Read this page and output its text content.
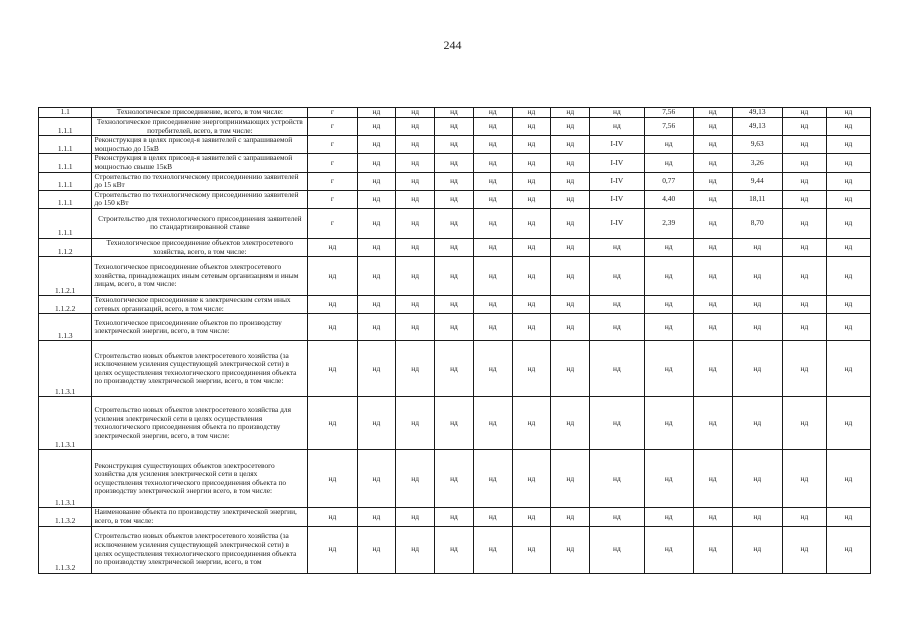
244
1.1	Технологическое присоединение, всего, в том числе:	г	нд	нд	нд	нд	нд	нд	нд	7,56	нд	49,13	нд	нд
1.1.1	Технологическое присоединение энергопринимающих устройств потребителей, всего, в том числе:	г	нд	нд	нд	нд	нд	нд	нд	7,56	нд	49,13	нд	нд
1.1.1	Реконструкция в целях присоед-я заявителей с запрашиваемой мощностью до 15кВ	г	нд	нд	нд	нд	нд	нд	I-IV	нд	нд	9,63	нд	нд
1.1.1	Реконструкция в целях присоед-я заявителей с запрашиваемой мощностью свыше 15кВ	г	нд	нд	нд	нд	нд	нд	I-IV	нд	нд	3,26	нд	нд
1.1.1	Строительство по технологическому присоединению заявителей до 15 кВт	г	нд	нд	нд	нд	нд	нд	I-IV	0,77	нд	9,44	нд	нд
1.1.1	Строительство по технологическому присоединению заявителей до 150 кВт	г	нд	нд	нд	нд	нд	нд	I-IV	4,40	нд	18,11	нд	нд
1.1.1	Строительство для технологического присоединения заявителей по стандартизированной ставке	г	нд	нд	нд	нд	нд	нд	I-IV	2,39	нд	8,70	нд	нд
1.1.2	Технологическое присоединение объектов электросетевого хозяйства, всего, в том числе:	нд	нд	нд	нд	нд	нд	нд	нд	нд	нд	нд	нд	нд
1.1.2.1	Технологическое присоединение объектов электросетевого хозяйства, принадлежащих иным сетевым организациям и иным лицам, всего, в том числе:	нд	нд	нд	нд	нд	нд	нд	нд	нд	нд	нд	нд	нд
1.1.2.2	Технологическое присоединение к электрическим сетям иных сетевых организаций, всего, в том числе:	нд	нд	нд	нд	нд	нд	нд	нд	нд	нд	нд	нд	нд
1.1.3	Технологическое присоединение объектов по производству электрической энергии, всего, в том числе:	нд	нд	нд	нд	нд	нд	нд	нд	нд	нд	нд	нд	нд
1.1.3.1	Строительство новых объектов электросетевого хозяйства (за исключением усиления существующей электрической сети) в целях осуществления технологического присоединения объекта по производству электрической энергии, всего, в том числе:	нд	нд	нд	нд	нд	нд	нд	нд	нд	нд	нд	нд	нд
1.1.3.1	Строительство новых объектов электросетевого хозяйства для усиления электрической сети в целях осуществления технологического присоединения объекта по производству электрической энергии, всего, в том числе:	нд	нд	нд	нд	нд	нд	нд	нд	нд	нд	нд	нд	нд
1.1.3.1	Реконструкция существующих объектов электросетевого хозяйства для усиления электрической сети в целях осуществления технологического присоединения объекта по производству электрической энергии всего, в том числе:	нд	нд	нд	нд	нд	нд	нд	нд	нд	нд	нд	нд	нд
1.1.3.2	Наименование объекта по производству электрической энергии, всего, в том числе:	нд	нд	нд	нд	нд	нд	нд	нд	нд	нд	нд	нд	нд
1.1.3.2	Строительство новых объектов электросетевого хозяйства (за исключением усиления существующей электрической сети) в целях осуществления технологического присоединения объекта по производству электрической энергии, всего, в том	нд	нд	нд	нд	нд	нд	нд	нд	нд	нд	нд	нд	нд
